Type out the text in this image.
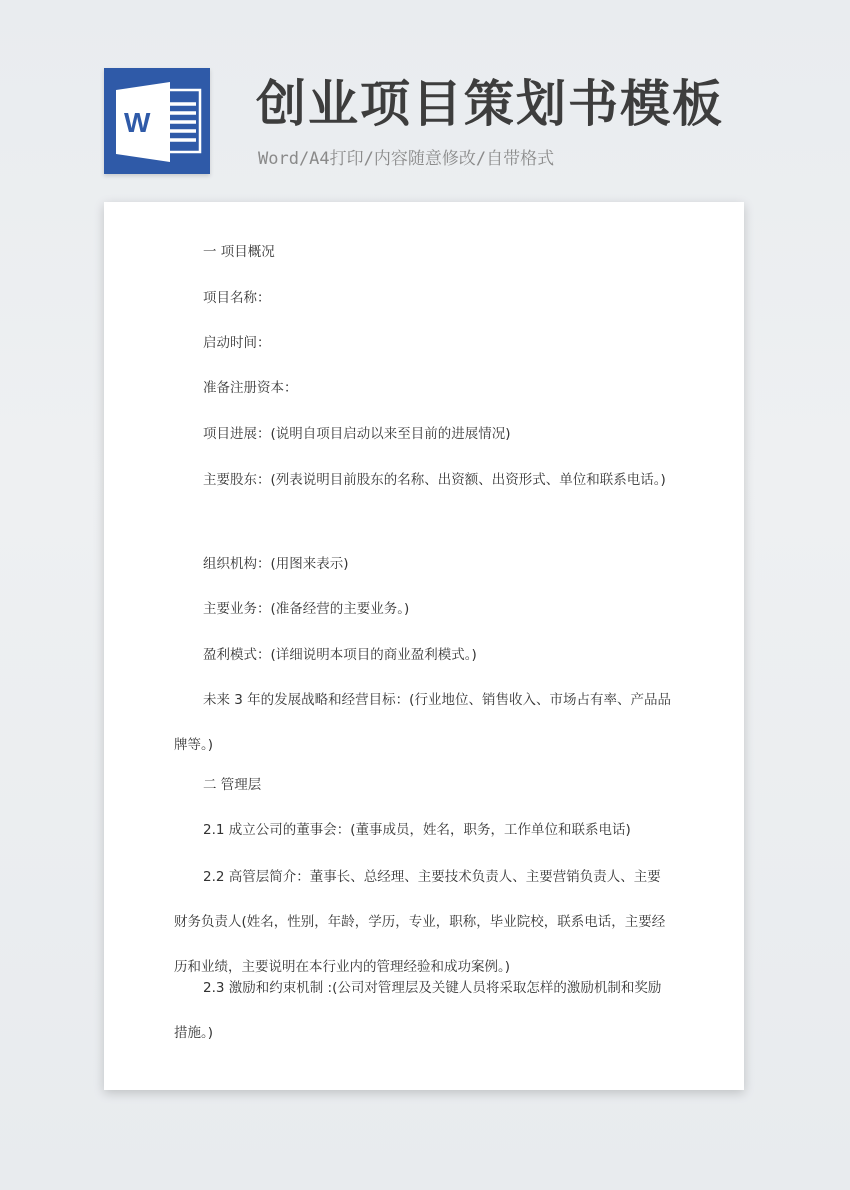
W 创业项目策划书模板
Word/A4打印/内容随意修改/自带格式

一 项目概况

项目名称：

启动时间：

准备注册资本：

项目进展：(说明自项目启动以来至目前的进展情况)

主要股东：(列表说明目前股东的名称、出资额、出资形式、单位和联系电话。)

组织机构：(用图来表示)

主要业务：(准备经营的主要业务。)

盈利模式：(详细说明本项目的商业盈利模式。)

未来 3 年的发展战略和经营目标：(行业地位、销售收入、市场占有率、产品品牌等。)

二 管理层

2.1 成立公司的董事会：(董事成员，姓名，职务，工作单位和联系电话)

2.2 高管层简介：董事长、总经理、主要技术负责人、主要营销负责人、主要财务负责人(姓名，性别，年龄，学历，专业，职称，毕业院校，联系电话，主要经历和业绩，主要说明在本行业内的管理经验和成功案例。)

2.3 激励和约束机制 :(公司对管理层及关键人员将采取怎样的激励机制和奖励措施。)
